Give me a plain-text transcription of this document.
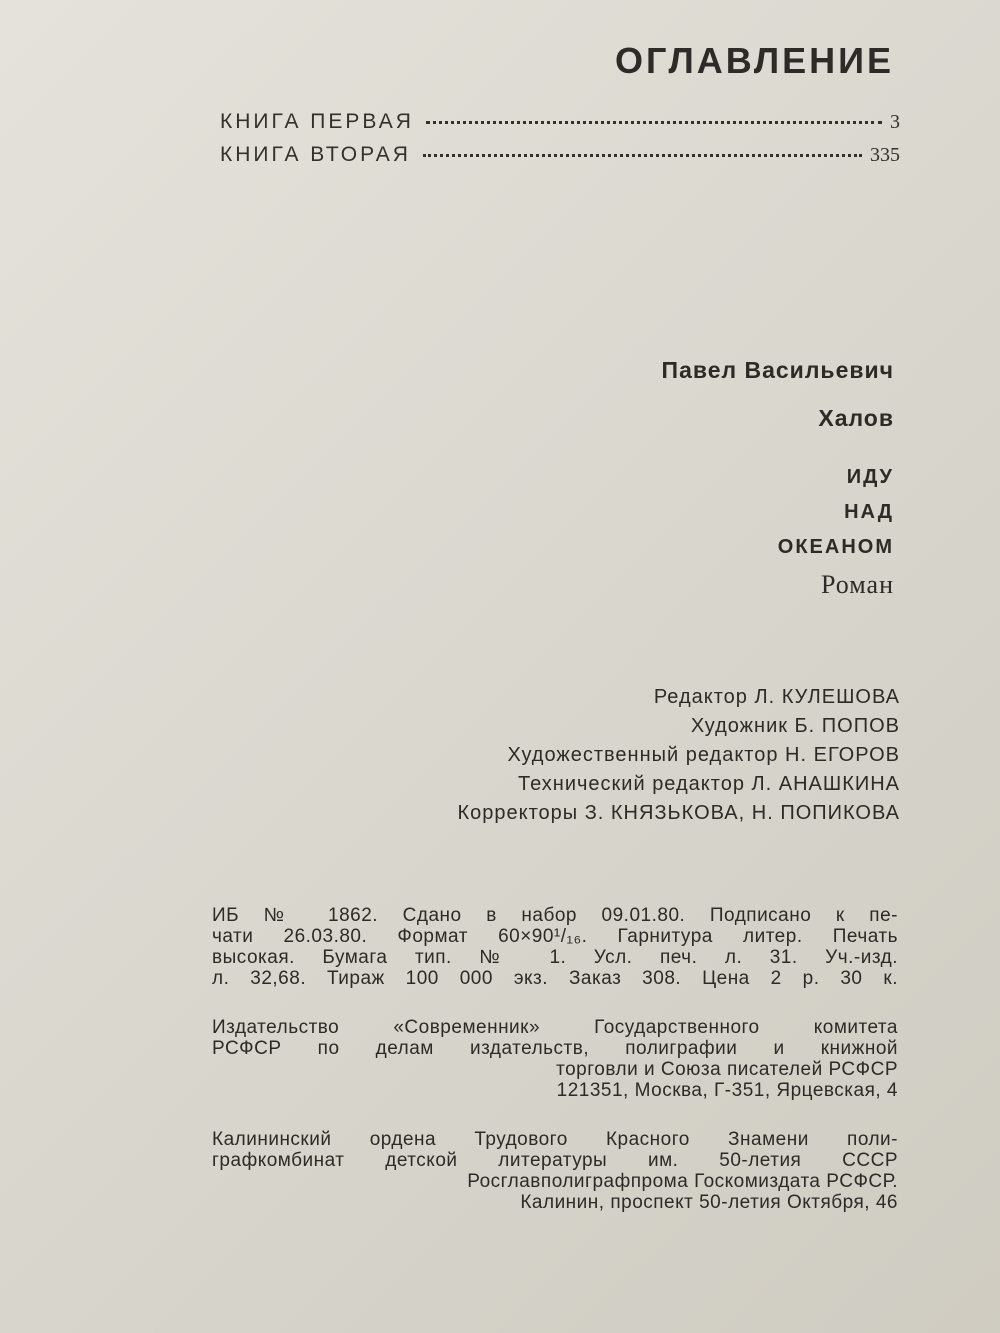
ОГЛАВЛЕНИЕ
КНИГА ПЕРВАЯ	3
КНИГА ВТОРАЯ	335
Павел Васильевич
Халов
ИДУ
НАД
ОКЕАНОМ
Роман
Редактор Л. КУЛЕШОВА
Художник Б. ПОПОВ
Художественный редактор Н. ЕГОРОВ
Технический редактор Л. АНАШКИНА
Корректоры З. КНЯЗЬКОВА, Н. ПОПИКОВА
ИБ № 1862. Сдано в набор 09.01.80. Подписано к пе-
чати 26.03.80. Формат 60×90¹/₁₆. Гарнитура литер. Печать
высокая. Бумага тип. № 1. Усл. печ. л. 31. Уч.-изд.
л. 32,68. Тираж 100 000 экз. Заказ 308. Цена 2 р. 30 к.
Издательство «Современник» Государственного комитета
РСФСР по делам издательств, полиграфии и книжной
торговли и Союза писателей РСФСР
121351, Москва, Г-351, Ярцевская, 4
Калининский ордена Трудового Красного Знамени поли-
графкомбинат детской литературы им. 50-летия СССР
Росглавполиграфпрома Госкомиздата РСФСР.
Калинин, проспект 50-летия Октября, 46
